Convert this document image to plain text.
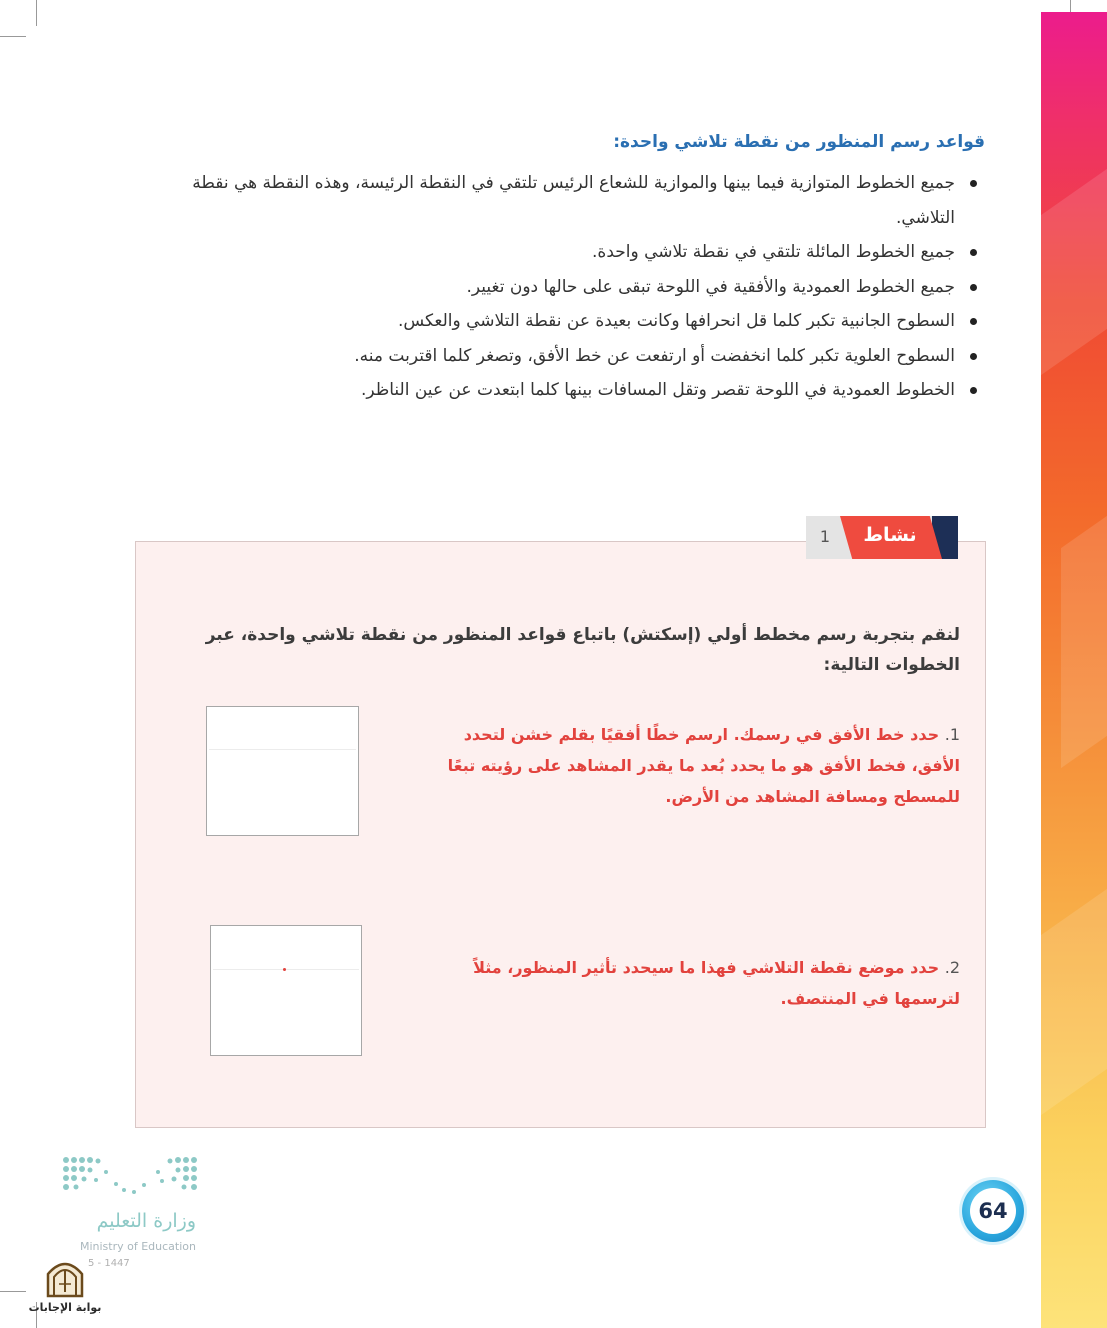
قواعد رسم المنظور من نقطة تلاشي واحدة:
جميع الخطوط المتوازية فيما بينها والموازية للشعاع الرئيس تلتقي في النقطة الرئيسة، وهذه النقطة هي نقطة التلاشي.
جميع الخطوط المائلة تلتقي في نقطة تلاشي واحدة.
جميع الخطوط العمودية والأفقية في اللوحة تبقى على حالها دون تغيير.
السطوح الجانبية تكبر كلما قل انحرافها وكانت بعيدة عن نقطة التلاشي والعكس.
السطوح العلوية تكبر كلما انخفضت أو ارتفعت عن خط الأفق، وتصغر كلما اقتربت منه.
الخطوط العمودية في اللوحة تقصر وتقل المسافات بينها كلما ابتعدت عن عين الناظر.
نشاط
1
لنقم بتجربة رسم مخطط أولي (إسكتش) باتباع قواعد المنظور من نقطة تلاشي واحدة، عبر الخطوات التالية:
1. حدد خط الأفق في رسمك. ارسم خطًا أفقيًا بقلم خشن لتحدد الأفق، فخط الأفق هو ما يحدد بُعد ما يقدر المشاهد على رؤيته تبعًا للمسطح ومسافة المشاهد من الأرض.
2. حدد موضع نقطة التلاشي فهذا ما سيحدد تأثير المنظور، مثلاً لترسمها في المنتصف.
64
وزارة التعليم
Ministry of Education
5 - 1447
بوابة الإجابات
